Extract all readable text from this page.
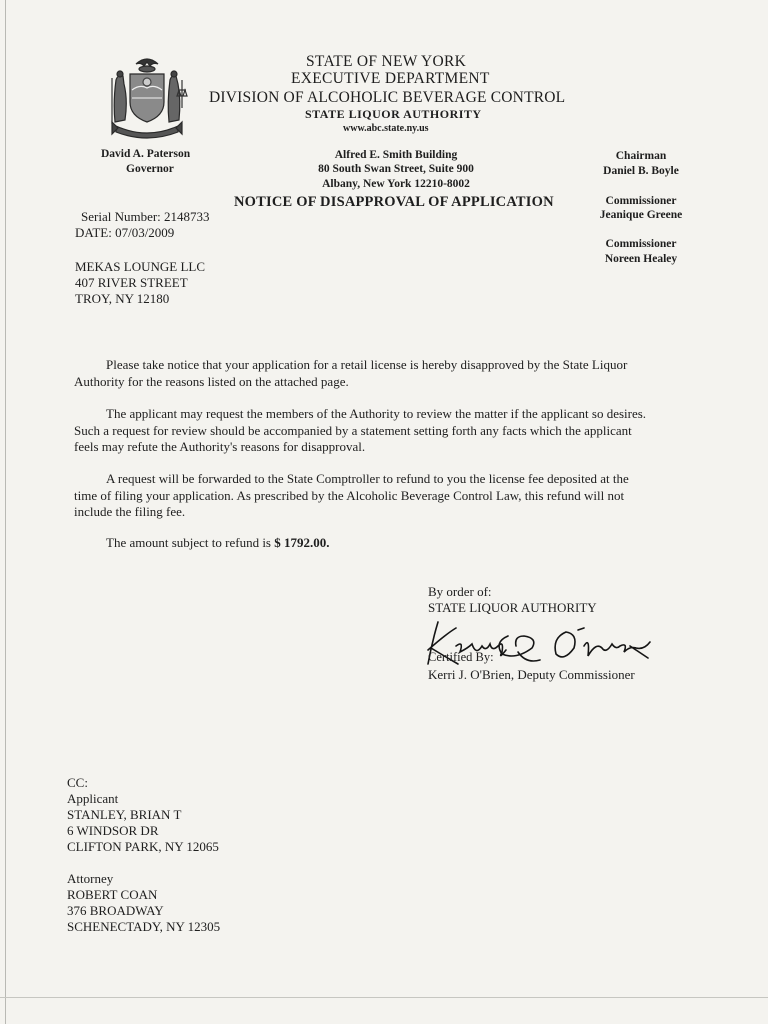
STATE OF NEW YORK
EXECUTIVE DEPARTMENT
DIVISION OF ALCOHOLIC BEVERAGE CONTROL
STATE LIQUOR AUTHORITY
www.abc.state.ny.us
David A. Paterson
Governor
Alfred E. Smith Building
80 South Swan Street, Suite 900
Albany, New York 12210-8002
Chairman
Daniel B. Boyle
Commissioner
Jeanique Greene
Commissioner
Noreen Healey
NOTICE OF DISAPPROVAL OF APPLICATION
Serial Number: 2148733
DATE: 07/03/2009
MEKAS LOUNGE LLC
407 RIVER STREET
TROY, NY 12180

Please take notice that your application for a retail license is hereby disapproved by the State Liquor Authority for the reasons listed on the attached page.

The applicant may request the members of the Authority to review the matter if the applicant so desires. Such a request for review should be accompanied by a statement setting forth any facts which the applicant feels may refute the Authority's reasons for disapproval.

A request will be forwarded to the State Comptroller to refund to you the license fee deposited at the time of filing your application. As prescribed by the Alcoholic Beverage Control Law, this refund will not include the filing fee.

The amount subject to refund is $ 1792.00.

By order of:
STATE LIQUOR AUTHORITY
Certified By:
Kerri J. O'Brien, Deputy Commissioner
CC:
Applicant
STANLEY, BRIAN T
6 WINDSOR DR
CLIFTON PARK, NY 12065
Attorney
ROBERT COAN
376 BROADWAY
SCHENECTADY, NY 12305
